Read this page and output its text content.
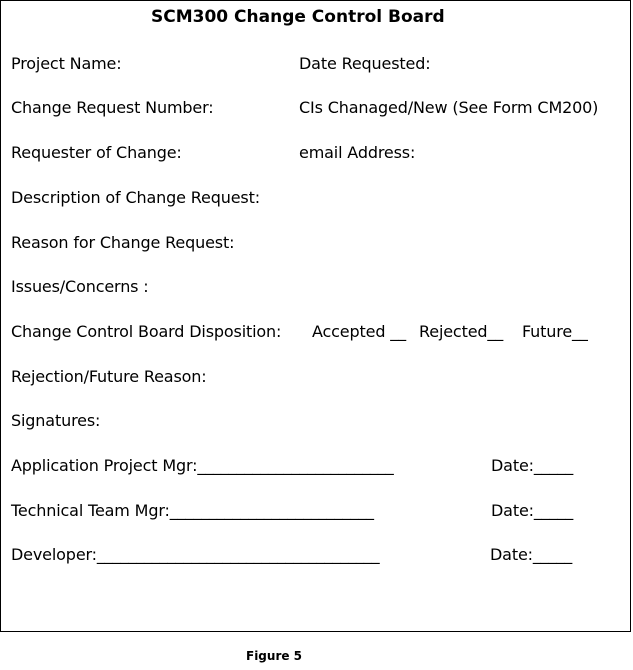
SCM300 Change Control Board
Project Name:	Date Requested:
Change Request Number:	CIs Chanaged/New (See Form CM200)
Requester of Change:	email Address:
Description of Change Request:
Reason for Change Request:
Issues/Concerns :
Change Control Board Disposition: Accepted __ Rejected__ Future__
Rejection/Future Reason:
Signatures:
Application Project Mgr:_________________________	Date:_____
Technical Team Mgr:__________________________	Date:_____
Developer:____________________________________	Date:_____
Figure 5
